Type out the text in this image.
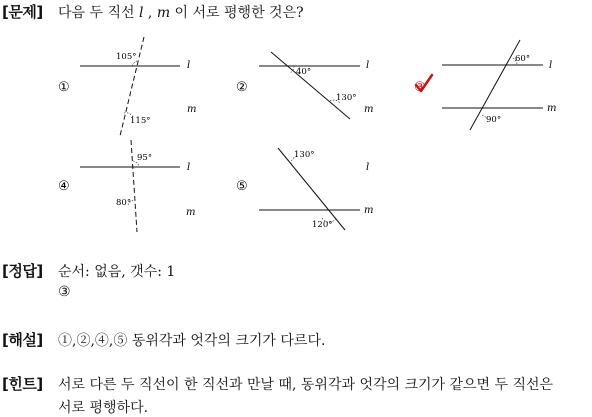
[문제] 다음 두 직선 l , m 이 서로 평행한 것은?
①
l
m
105°
115°
②
l
m
40°
130°
③
l
m
60°
90°
④
l
m
95°
80°
⑤
l
m
130°
120°
[정답] 순서: 없음, 갯수: 1
③
[해설] ①,②,④,⑤ 동위각과 엇각의 크기가 다르다.
[힌트] 서로 다른 두 직선이 한 직선과 만날 때, 동위각과 엇각의 크기가 같으면 두 직선은
서로 평행하다.
